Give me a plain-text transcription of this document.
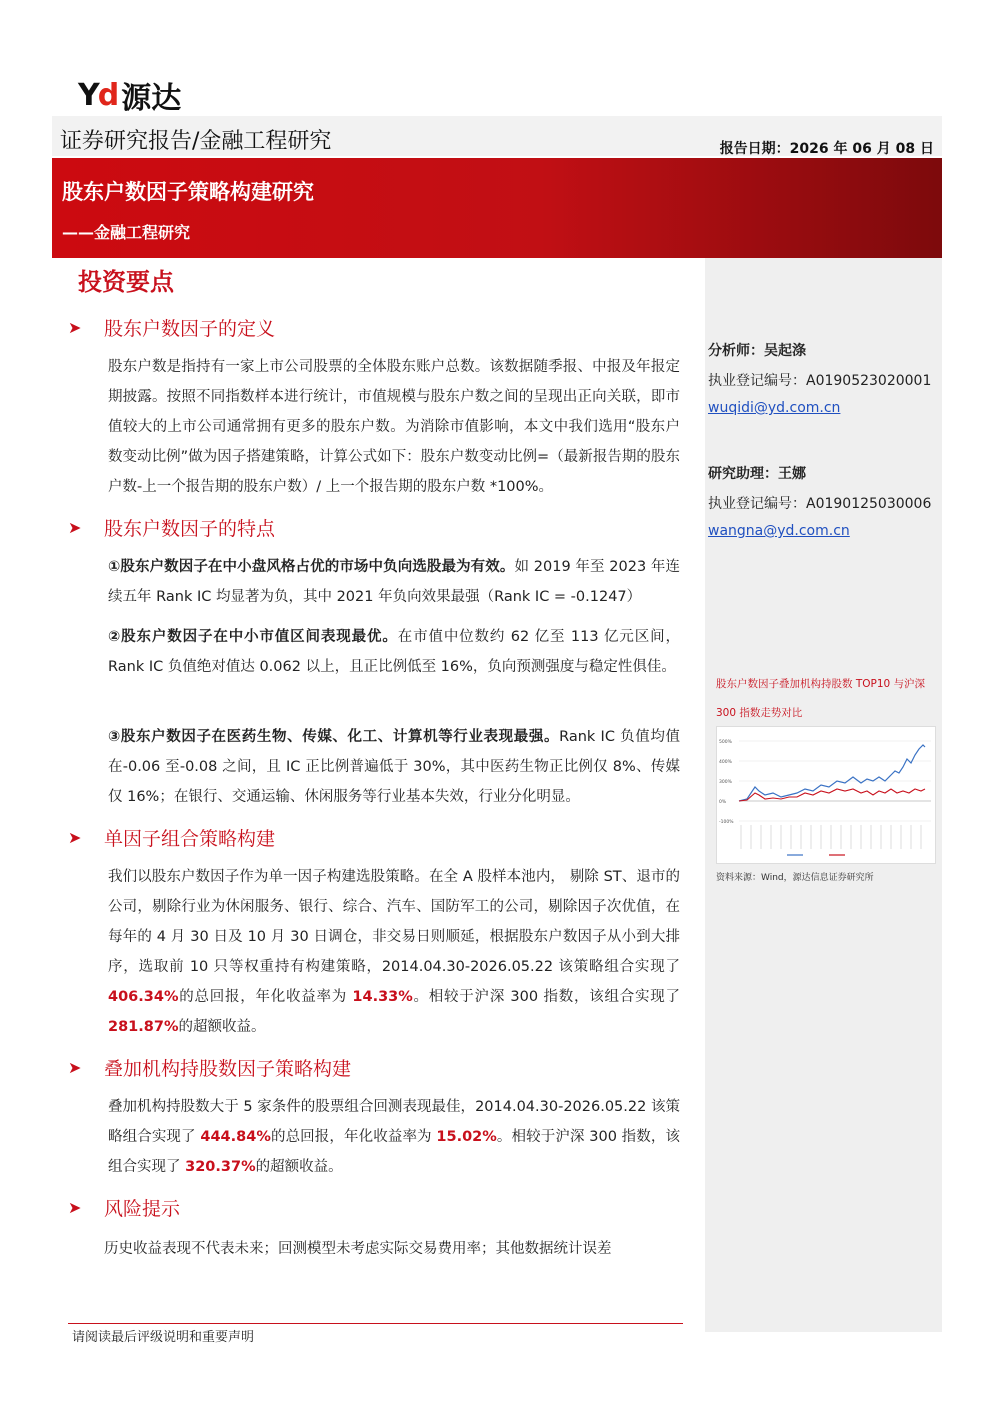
Yd 源达
证券研究报告/金融工程研究	报告日期：2026 年 06 月 08 日
股东户数因子策略构建研究
——金融工程研究
投资要点
➤	股东户数因子的定义
股东户数是指持有一家上市公司股票的全体股东账户总数。该数据随季报、中报及年报定期披露。按照不同指数样本进行统计，市值规模与股东户数之间的呈现出正向关联，即市值较大的上市公司通常拥有更多的股东户数。为消除市值影响，本文中我们选用“股东户数变动比例”做为因子搭建策略，计算公式如下：股东户数变动比例=（最新报告期的股东户数-上一个报告期的股东户数）/ 上一个报告期的股东户数 *100%。
➤	股东户数因子的特点
①股东户数因子在中小盘风格占优的市场中负向选股最为有效。如 2019 年至 2023 年连续五年 Rank IC 均显著为负，其中 2021 年负向效果最强（Rank IC = -0.1247）
②股东户数因子在中小市值区间表现最优。在市值中位数约 62 亿至 113 亿元区间，Rank IC 负值绝对值达 0.062 以上，且正比例低至 16%，负向预测强度与稳定性俱佳。
③股东户数因子在医药生物、传媒、化工、计算机等行业表现最强。Rank IC 负值均值在-0.06 至-0.08 之间，且 IC 正比例普遍低于 30%，其中医药生物正比例仅 8%、传媒仅 16%；在银行、交通运输、休闲服务等行业基本失效，行业分化明显。
➤	单因子组合策略构建
我们以股东户数因子作为单一因子构建选股策略。在全 A 股样本池内， 剔除 ST、退市的公司，剔除行业为休闲服务、银行、综合、汽车、国防军工的公司，剔除因子次优值，在每年的 4 月 30 日及 10 月 30 日调仓，非交易日则顺延，根据股东户数因子从小到大排序，选取前 10 只等权重持有构建策略，2014.04.30-2026.05.22 该策略组合实现了 406.34%的总回报，年化收益率为 14.33%。相较于沪深 300 指数，该组合实现了 281.87%的超额收益。
➤	叠加机构持股数因子策略构建
叠加机构持股数大于 5 家条件的股票组合回测表现最佳，2014.04.30-2026.05.22 该策略组合实现了 444.84%的总回报，年化收益率为 15.02%。相较于沪深 300 指数，该组合实现了 320.37%的超额收益。
➤	风险提示
历史收益表现不代表未来；回测模型未考虑实际交易费用率；其他数据统计误差
分析师：吴起涤
执业登记编号：A0190523020001
wuqidi@yd.com.cn
研究助理：王娜
执业登记编号：A0190125030006
wangna@yd.com.cn
股东户数因子叠加机构持股数 TOP10 与沪深 300 指数走势对比
500%
400%
300%
0%
-100%
资料来源：Wind，源达信息证券研究所
请阅读最后评级说明和重要声明
